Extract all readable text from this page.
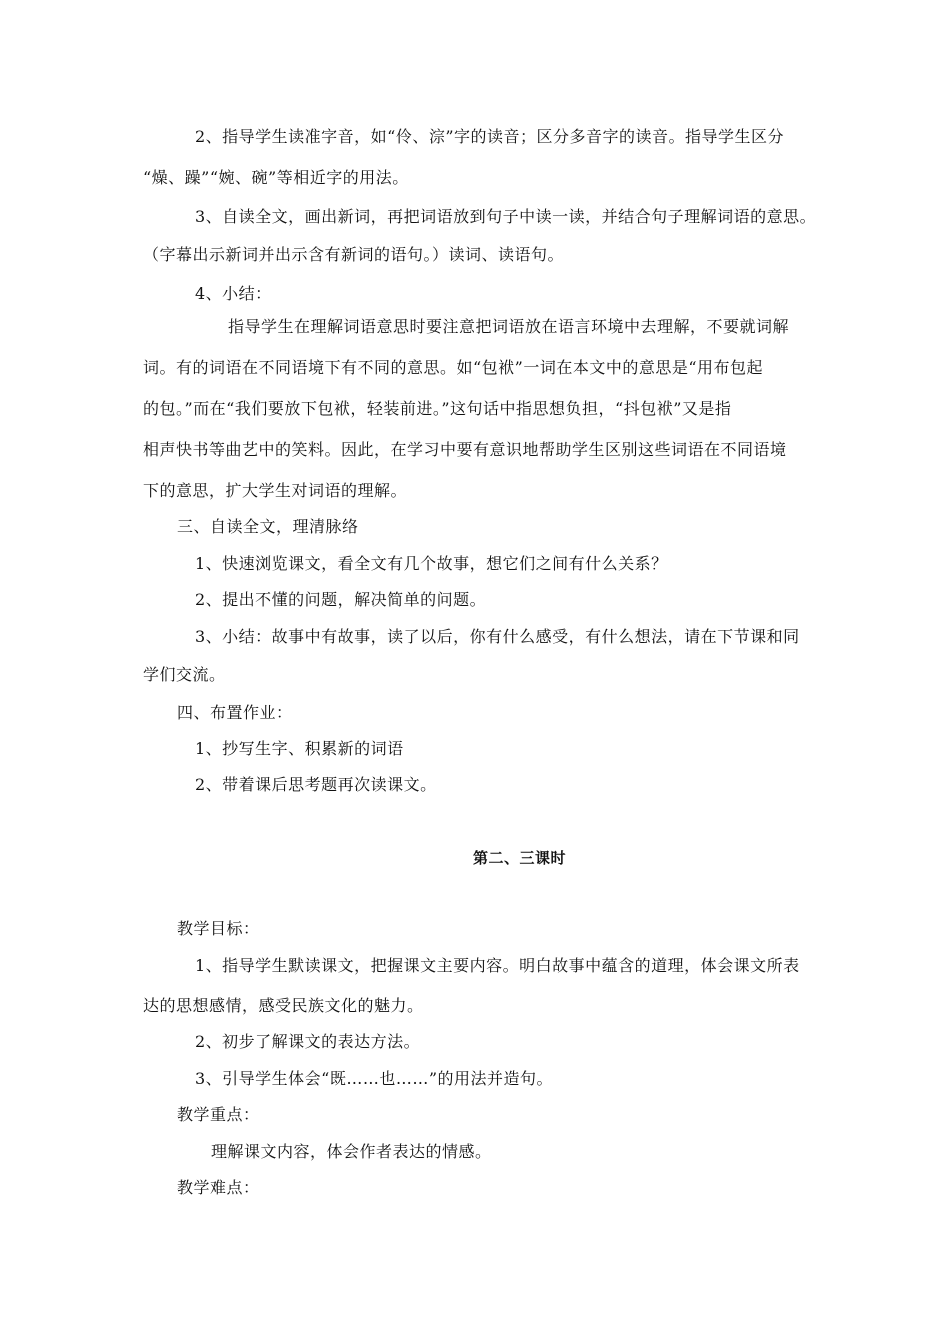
2、指导学生读准字音，如“伶、淙”字的读音；区分多音字的读音。指导学生区分
“燥、躁”“婉、碗”等相近字的用法。
3、自读全文，画出新词，再把词语放到句子中读一读，并结合句子理解词语的意思。
（字幕出示新词并出示含有新词的语句。）读词、读语句。
4、小结：
指导学生在理解词语意思时要注意把词语放在语言环境中去理解，不要就词解
词。有的词语在不同语境下有不同的意思。如“包袱”一词在本文中的意思是“用布包起
的包。”而在“我们要放下包袱，轻装前进。”这句话中指思想负担，“抖包袱”又是指
相声快书等曲艺中的笑料。因此，在学习中要有意识地帮助学生区别这些词语在不同语境
下的意思，扩大学生对词语的理解。
三、自读全文，理清脉络
1、快速浏览课文，看全文有几个故事，想它们之间有什么关系？
2、提出不懂的问题，解决简单的问题。
3、小结：故事中有故事，读了以后，你有什么感受，有什么想法，请在下节课和同
学们交流。
四、布置作业：
1、抄写生字、积累新的词语
2、带着课后思考题再次读课文。
第二、三课时
教学目标：
1、指导学生默读课文，把握课文主要内容。明白故事中蕴含的道理，体会课文所表
达的思想感情，感受民族文化的魅力。
2、初步了解课文的表达方法。
3、引导学生体会“既……也……”的用法并造句。
教学重点：
理解课文内容，体会作者表达的情感。
教学难点：
